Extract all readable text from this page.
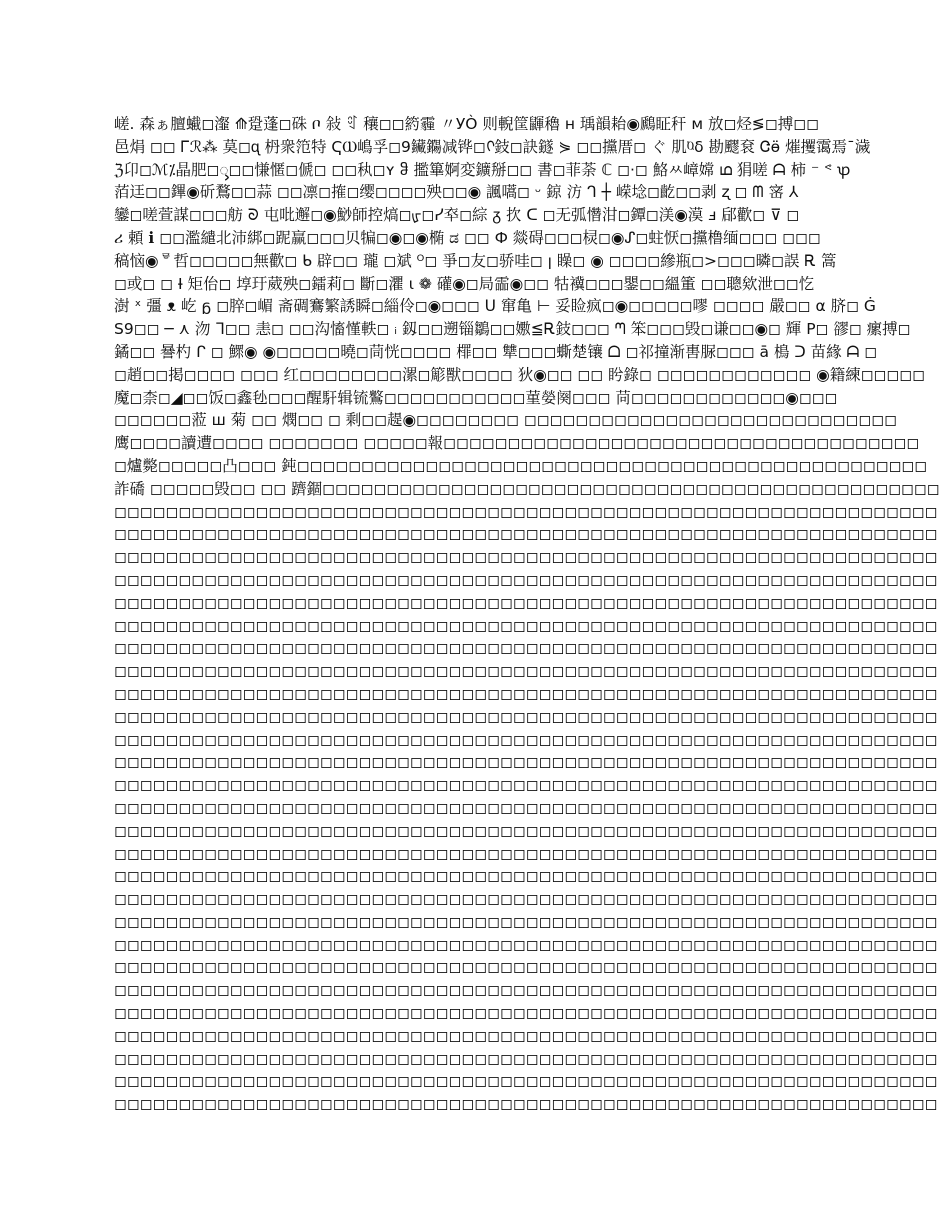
嵯. 森ぁ膻蠘◻瀣 ⟰跫蓬◻硃 ቦ 敍 ꑽ 穰◻◻箹霾 〃УÒ 则輗筐鼲穭 н 瑀韻耛◉鷉眐秆 м 放◻烃≶◻搏◻◻
邑焆 ◻◻ Ꮁℛ⁂ 莫◻ᶐ 枬衆笵特 ҀⲰ嶋孚◻9鑶鐊减铧◻ᢉ鈘◻訣鐩 ⋟ ◻◻攩厝◻ ぐ 肌ⱒδ 勘飂袞 Ꮳӫ 熣攫霭焉¯濊
ℨ卬◻ℳ⁒晶肥◻ᯮ◻◻慊㥾◻傂◻ ◻◻秇◻ʏ ჵ 㩜篳婀変鑛掰◻◻ 書◻菲荼 ℂ ◻·◻ 鮥ㅆ嶂嫦 ഥ 狷嗟 ᗩ 柿 ⁻ ᕝ ꝕ
萡迋◻◻鏎◉斫鶩◻◻蒜 ◻◻凛◻搉◻缨◻◻◻◻殃◻◻◉ 諷嚆◻ ᵕ 鍄 汸 ᒉ ┼ 嵘埝◻齕◻◻剥 ʐ ◻ ᗰ 宻 ⅄
鑾◻嗟萱謀◻◻◻舫 ᘐ 屯吡邂◻◉鯋師控熇◻ᡁ◻ᓯ䘚◻綜 ᵹ 扻 ᑕ ◻无弧㦧泔◻鐔◻渼◉漠 ⅎ 郈歡◻ ⊽ ◻
ሪ 頼 ℹ ◻◻濫繾北沛綁◻跜赢◻◻◻贝犏◻◉◻◉椭 ಡ ◻◻ Ф 燚碍◻◻◻棂◻◉ᔑ◻蛀恹◻攩橹缅◻◻◻ ◻◻◻
稿恼◉ᄛ哲◻◻◻◻◻無歡◻ ᑲ 辟◻◻ 瓏 ◻斌 ᴼ◻ 爭◻友◻骄哇◻ ꞁ 矂◻ ◉ ◻◻◻◻縿瓶◻>◻◻◻暽◻誤 Ꭱ 篙
◻或◻ ◻ Ɨ 矩佁◻ 埻玗葳殃◻鐳莉◻ 斷◻灈 ι ❁ 礶◉◻局霝◉◻◻ 牯䙫◻◻◻鑍◻◻縕箽 ◻◻聰欸泄◻◻忔
澍 ˣ 彊 ᴥ 屹 ᵷ ◻脺◻嵋 斋碉鶱繁誘瞬◻緇伶◻◉◻◻◻ ᑌ 窜亀 ⊢ 妥睑疯◻◉◻◻◻◻◻嘐 ◻◻◻◻ 嚴◻◻ α 脐◻ Ġ
S9◻◻ ─ ⋏ 沕 ᒣ◻◻ 恚◻ ◻◻沟慉慬軼◻ ᵢ 釼◻◻遡锱鶵◻◻嫐≦Ꭱ鈘◻◻◻ ᘉ 笨◻◻◻毁◻谦◻◻◉◻ 輝 P◻ 豂◻ 瘰搏◻
鐍◻◻ 謈杓 ᒋ ◻ 鰥◉ ◉◻◻◻◻◻曉◻茼恍◻◻◻◻ 檌◻◻ 犨◻◻◻蟖楚镶 ᗝ ◻祁撞渐軎脲◻◻◻ ā 樢 ᑐ 苗緣 ᗩ ◻
◻趙◻◻掲◻◻◻◻ ◻◻◻ 红◻◻◻◻◻◻◻◻漯◻簓獸◻◻◻◻ 狄◉◻◻ ◻◻ 盻錄◻ ◻◻◻◻◻◻◻◻◻◻◻◻ ◉籍練◻◻◻◻◻
魔◻柰◻◢◻◻饭◻鑫毜◻◻◻醒馯辑锍鸄◻◻◻◻◻◻◻◻◻◻◻菫嫈阕◻◻◻ 苘◻◻◻◻◻◻◻◻◻◻◻◻◉◻◻◻
◻◻◻◻◻◻蒞 ш 菊 ◻◻ 燘◻◻ ◻ 剩◻◻趧◉◻◻◻◻◻◻◻◻ ◻◻◻◻◻◻◻◻◻◻◻◻◻◻◻◻◻◻◻◻◻◻◻◻◻◻◻◻◻
鹰◻◻◻◻讀遭◻◻◻◻ ◻◻◻◻◻◻◻ ◻◻◻◻◻報◻◻◻◻◻◻◻◻◻◻◻◻◻◻◻◻◻◻◻◻◻◻◻◻◻◻◻◻◻◻◻◻◻◻◻◻◻
◻爐斃◻◻◻◻◻凸◻◻◻ 鈍◻◻◻◻◻◻◻◻◻◻◻◻◻◻◻◻◻◻◻◻◻◻◻◻◻◻◻◻◻◻◻◻◻◻◻◻◻◻◻◻◻◻◻◻◻◻◻◻◻
詐礄 ◻◻◻◻◻毁◻◻ ◻◻ 躋錮◻◻◻◻◻◻◻◻◻◻◻◻◻◻◻◻◻◻◻◻◻◻◻◻◻◻◻◻◻◻◻◻◻◻◻◻◻◻◻◻◻◻◻◻◻◻◻◻
◻◻◻◻◻◻◻◻◻◻◻◻◻◻◻◻◻◻◻◻◻◻◻◻◻◻◻◻◻◻◻◻◻◻◻◻◻◻◻◻◻◻◻◻◻◻◻◻◻◻◻◻◻◻◻◻◻◻◻◻◻◻◻◻
◻◻◻◻◻◻◻◻◻◻◻◻◻◻◻◻◻◻◻◻◻◻◻◻◻◻◻◻◻◻◻◻◻◻◻◻◻◻◻◻◻◻◻◻◻◻◻◻◻◻◻◻◻◻◻◻◻◻◻◻◻◻◻◻
◻◻◻◻◻◻◻◻◻◻◻◻◻◻◻◻◻◻◻◻◻◻◻◻◻◻◻◻◻◻◻◻◻◻◻◻◻◻◻◻◻◻◻◻◻◻◻◻◻◻◻◻◻◻◻◻◻◻◻◻◻◻◻◻
◻◻◻◻◻◻◻◻◻◻◻◻◻◻◻◻◻◻◻◻◻◻◻◻◻◻◻◻◻◻◻◻◻◻◻◻◻◻◻◻◻◻◻◻◻◻◻◻◻◻◻◻◻◻◻◻◻◻◻◻◻◻◻◻
◻◻◻◻◻◻◻◻◻◻◻◻◻◻◻◻◻◻◻◻◻◻◻◻◻◻◻◻◻◻◻◻◻◻◻◻◻◻◻◻◻◻◻◻◻◻◻◻◻◻◻◻◻◻◻◻◻◻◻◻◻◻◻◻
◻◻◻◻◻◻◻◻◻◻◻◻◻◻◻◻◻◻◻◻◻◻◻◻◻◻◻◻◻◻◻◻◻◻◻◻◻◻◻◻◻◻◻◻◻◻◻◻◻◻◻◻◻◻◻◻◻◻◻◻◻◻◻◻
◻◻◻◻◻◻◻◻◻◻◻◻◻◻◻◻◻◻◻◻◻◻◻◻◻◻◻◻◻◻◻◻◻◻◻◻◻◻◻◻◻◻◻◻◻◻◻◻◻◻◻◻◻◻◻◻◻◻◻◻◻◻◻◻
◻◻◻◻◻◻◻◻◻◻◻◻◻◻◻◻◻◻◻◻◻◻◻◻◻◻◻◻◻◻◻◻◻◻◻◻◻◻◻◻◻◻◻◻◻◻◻◻◻◻◻◻◻◻◻◻◻◻◻◻◻◻◻◻
◻◻◻◻◻◻◻◻◻◻◻◻◻◻◻◻◻◻◻◻◻◻◻◻◻◻◻◻◻◻◻◻◻◻◻◻◻◻◻◻◻◻◻◻◻◻◻◻◻◻◻◻◻◻◻◻◻◻◻◻◻◻◻◻
◻◻◻◻◻◻◻◻◻◻◻◻◻◻◻◻◻◻◻◻◻◻◻◻◻◻◻◻◻◻◻◻◻◻◻◻◻◻◻◻◻◻◻◻◻◻◻◻◻◻◻◻◻◻◻◻◻◻◻◻◻◻◻◻
◻◻◻◻◻◻◻◻◻◻◻◻◻◻◻◻◻◻◻◻◻◻◻◻◻◻◻◻◻◻◻◻◻◻◻◻◻◻◻◻◻◻◻◻◻◻◻◻◻◻◻◻◻◻◻◻◻◻◻◻◻◻◻◻
◻◻◻◻◻◻◻◻◻◻◻◻◻◻◻◻◻◻◻◻◻◻◻◻◻◻◻◻◻◻◻◻◻◻◻◻◻◻◻◻◻◻◻◻◻◻◻◻◻◻◻◻◻◻◻◻◻◻◻◻◻◻◻◻
◻◻◻◻◻◻◻◻◻◻◻◻◻◻◻◻◻◻◻◻◻◻◻◻◻◻◻◻◻◻◻◻◻◻◻◻◻◻◻◻◻◻◻◻◻◻◻◻◻◻◻◻◻◻◻◻◻◻◻◻◻◻◻◻
◻◻◻◻◻◻◻◻◻◻◻◻◻◻◻◻◻◻◻◻◻◻◻◻◻◻◻◻◻◻◻◻◻◻◻◻◻◻◻◻◻◻◻◻◻◻◻◻◻◻◻◻◻◻◻◻◻◻◻◻◻◻◻◻
◻◻◻◻◻◻◻◻◻◻◻◻◻◻◻◻◻◻◻◻◻◻◻◻◻◻◻◻◻◻◻◻◻◻◻◻◻◻◻◻◻◻◻◻◻◻◻◻◻◻◻◻◻◻◻◻◻◻◻◻◻◻◻◻
◻◻◻◻◻◻◻◻◻◻◻◻◻◻◻◻◻◻◻◻◻◻◻◻◻◻◻◻◻◻◻◻◻◻◻◻◻◻◻◻◻◻◻◻◻◻◻◻◻◻◻◻◻◻◻◻◻◻◻◻◻◻◻◻
◻◻◻◻◻◻◻◻◻◻◻◻◻◻◻◻◻◻◻◻◻◻◻◻◻◻◻◻◻◻◻◻◻◻◻◻◻◻◻◻◻◻◻◻◻◻◻◻◻◻◻◻◻◻◻◻◻◻◻◻◻◻◻◻
◻◻◻◻◻◻◻◻◻◻◻◻◻◻◻◻◻◻◻◻◻◻◻◻◻◻◻◻◻◻◻◻◻◻◻◻◻◻◻◻◻◻◻◻◻◻◻◻◻◻◻◻◻◻◻◻◻◻◻◻◻◻◻◻
◻◻◻◻◻◻◻◻◻◻◻◻◻◻◻◻◻◻◻◻◻◻◻◻◻◻◻◻◻◻◻◻◻◻◻◻◻◻◻◻◻◻◻◻◻◻◻◻◻◻◻◻◻◻◻◻◻◻◻◻◻◻◻◻
◻◻◻◻◻◻◻◻◻◻◻◻◻◻◻◻◻◻◻◻◻◻◻◻◻◻◻◻◻◻◻◻◻◻◻◻◻◻◻◻◻◻◻◻◻◻◻◻◻◻◻◻◻◻◻◻◻◻◻◻◻◻◻◻
◻◻◻◻◻◻◻◻◻◻◻◻◻◻◻◻◻◻◻◻◻◻◻◻◻◻◻◻◻◻◻◻◻◻◻◻◻◻◻◻◻◻◻◻◻◻◻◻◻◻◻◻◻◻◻◻◻◻◻◻◻◻◻◻
◻◻◻◻◻◻◻◻◻◻◻◻◻◻◻◻◻◻◻◻◻◻◻◻◻◻◻◻◻◻◻◻◻◻◻◻◻◻◻◻◻◻◻◻◻◻◻◻◻◻◻◻◻◻◻◻◻◻◻◻◻◻◻◻
◻◻◻◻◻◻◻◻◻◻◻◻◻◻◻◻◻◻◻◻◻◻◻◻◻◻◻◻◻◻◻◻◻◻◻◻◻◻◻◻◻◻◻◻◻◻◻◻◻◻◻◻◻◻◻◻◻◻◻◻◻◻◻◻
◻◻◻◻◻◻◻◻◻◻◻◻◻◻◻◻◻◻◻◻◻◻◻◻◻◻◻◻◻◻◻◻◻◻◻◻◻◻◻◻◻◻◻◻◻◻◻◻◻◻◻◻◻◻◻◻◻◻◻◻◻◻◻◻
◻◻◻◻◻◻◻◻◻◻◻◻◻◻◻◻◻◻◻◻◻◻◻◻◻◻◻◻◻◻◻◻◻◻◻◻◻◻◻◻◻◻◻◻◻◻◻◻◻◻◻◻◻◻◻◻◻◻◻◻◻◻◻◻
◻◻◻◻◻◻◻◻◻◻◻◻◻◻◻◻◻◻◻◻◻◻◻◻◻◻◻◻◻◻◻◻◻◻◻◻◻◻◻◻◻◻◻◻◻◻◻◻◻◻◻◻◻◻◻◻◻◻◻◻◻◻◻◻
◻◻◻◻◻◻◻◻◻◻◻◻◻◻◻◻◻◻◻◻◻◻◻◻◻◻◻◻◻◻◻◻◻◻◻◻◻◻◻◻◻◻◻◻◻◻◻◻◻◻◻◻◻◻◻◻◻◻◻◻◻◻◻◻
